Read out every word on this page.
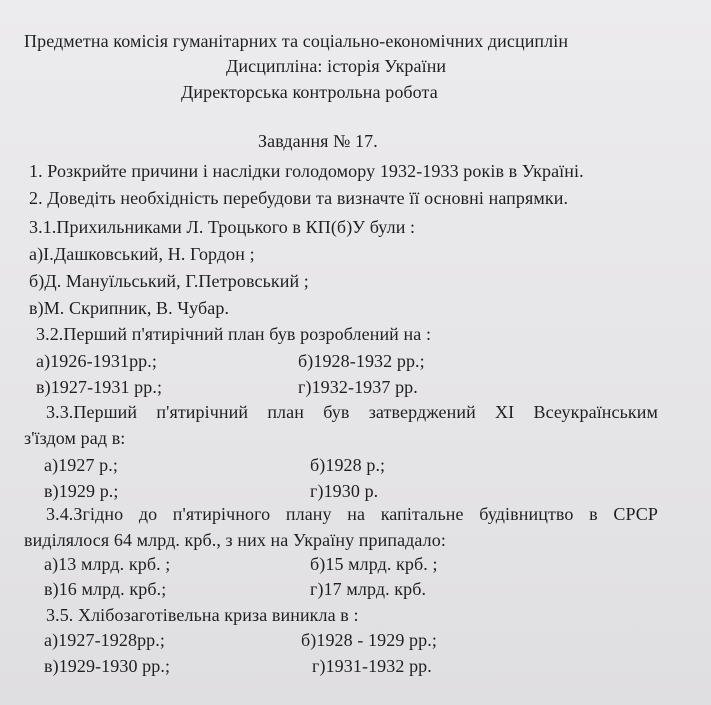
Предметна комісія гуманітарних та соціально-економічних дисциплін
Дисципліна: історія України
Директорська контрольна робота
Завдання № 17.
1. Розкрийте причини і наслідки голодомору 1932-1933 років в Україні.
2. Доведіть необхідність перебудови та визначте її основні напрямки.
3.1.Прихильниками Л. Троцького в КП(б)У були :
а)І.Дашковський, Н. Гордон ;
б)Д. Мануїльський, Г.Петровський ;
в)М. Скрипник, В. Чубар.
3.2.Перший п'ятирічний план був розроблений на :
а)1926-1931рр.;	б)1928-1932 рр.;
в)1927-1931 рр.;	г)1932-1937 рр.
3.3.Перший п'ятирічний план був затверджений XI Всеукраїнським
з'їздом рад в:
а)1927 р.;	б)1928 р.;
в)1929 р.;	г)1930 р.
3.4.Згідно до п'ятирічного плану на капітальне будівництво в СРСР
виділялося 64 млрд. крб., з них на Україну припадало:
а)13 млрд. крб. ;	б)15 млрд. крб. ;
в)16 млрд. крб.;	г)17 млрд. крб.
3.5. Хлібозаготівельна криза виникла в :
а)1927-1928рр.;	б)1928 - 1929 рр.;
в)1929-1930 рр.;	г)1931-1932 рр.
